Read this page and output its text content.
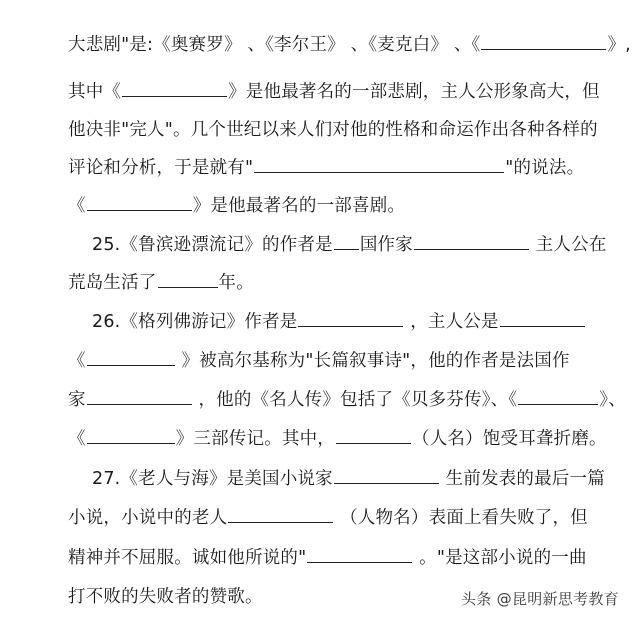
大悲剧"是:《奥赛罗》 、《李尔王》 、《麦克白》 、《	》,
其中《	》是他最著名的一部悲剧，主人公形象高大，但
他决非"完人"。几个世纪以来人们对他的性格和命运作出各种各样的
评论和分析，于是就有"	"的说法。
《	》是他最著名的一部喜剧。
25.《鲁滨逊漂流记》的作者是 国作家	主人公在
荒岛生活了	年。
26.《格列佛游记》作者是	，主人公是
《	》被高尔基称为"长篇叙事诗"，他的作者是法国作
家	，他的《名人传》包括了《贝多芬传》、《	》、
《	》三部传记。其中，	（人名）饱受耳聋折磨。
27.《老人与海》是美国小说家	生前发表的最后一篇
小说，小说中的老人	（人物名）表面上看失败了，但
精神并不屈服。诚如他所说的"	。"是这部小说的一曲
打不败的失败者的赞歌。	头条 @昆明新思考教育
